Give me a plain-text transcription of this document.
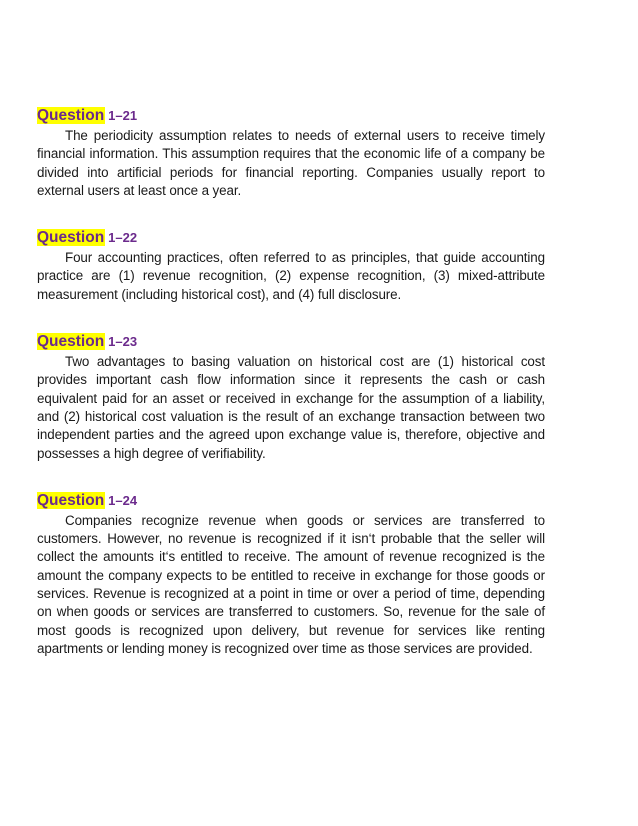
Question 1–21

The periodicity assumption relates to needs of external users to receive timely financial information. This assumption requires that the economic life of a company be divided into artificial periods for financial reporting. Companies usually report to external users at least once a year.

Question 1–22

Four accounting practices, often referred to as principles, that guide accounting practice are (1) revenue recognition, (2) expense recognition, (3) mixed-attribute measurement (including historical cost), and (4) full disclosure.

Question 1–23

Two advantages to basing valuation on historical cost are (1) historical cost provides important cash flow information since it represents the cash or cash equivalent paid for an asset or received in exchange for the assumption of a liability, and (2) historical cost valuation is the result of an exchange transaction between two independent parties and the agreed upon exchange value is, therefore, objective and possesses a high degree of verifiability.

Question 1–24

Companies recognize revenue when goods or services are transferred to customers. However, no revenue is recognized if it isn‘t probable that the seller will collect the amounts it‘s entitled to receive. The amount of revenue recognized is the amount the company expects to be entitled to receive in exchange for those goods or services. Revenue is recognized at a point in time or over a period of time, depending on when goods or services are transferred to customers. So, revenue for the sale of most goods is recognized upon delivery, but revenue for services like renting apartments or lending money is recognized over time as those services are provided.
